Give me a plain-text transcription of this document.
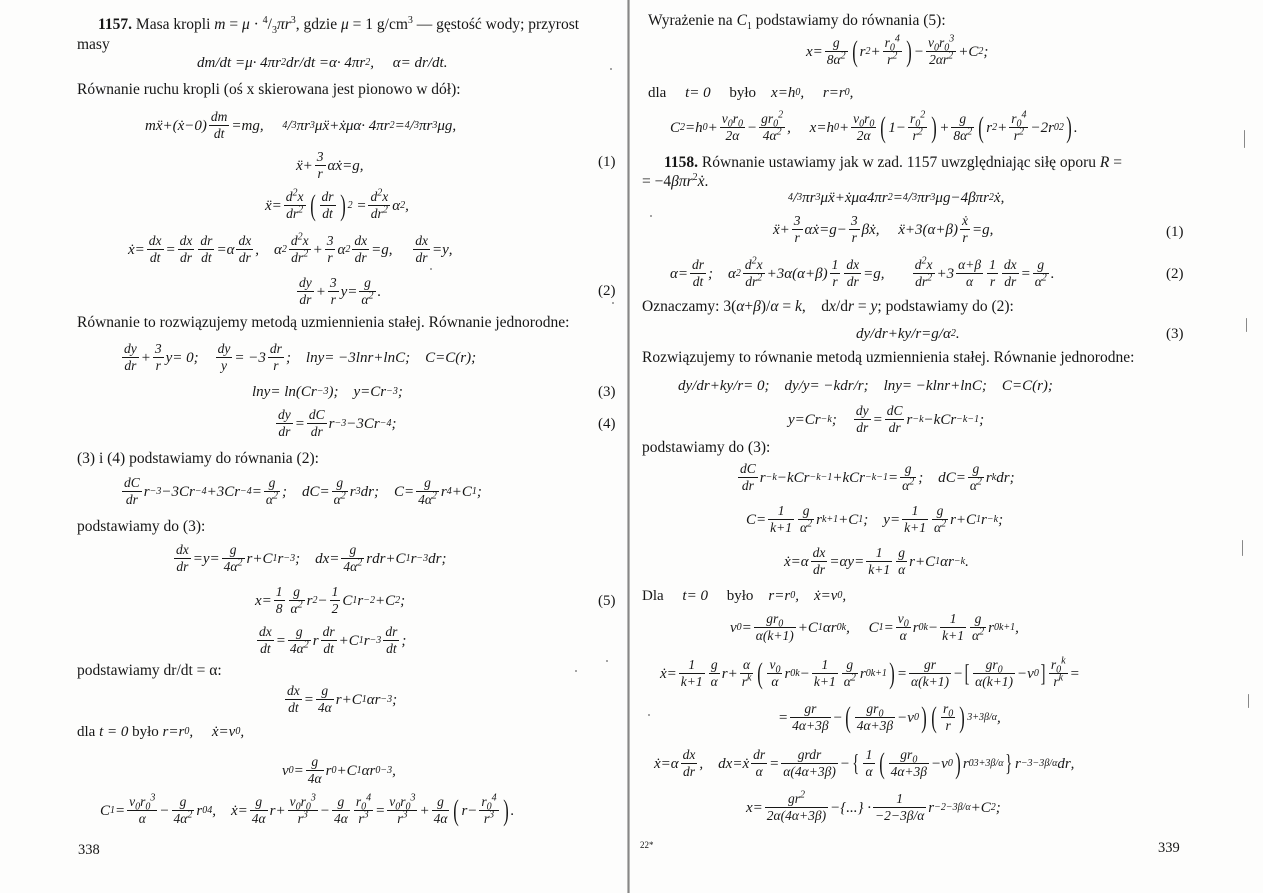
1157. Masa kropli $m = \mu \cdot ^4/_3\pi r^3$, gdzie μ = 1 $g/cm^3$ — gęstość wody; przyrost
masy
d m /d t = μ · 4 πr 2 d r /d t = α · 4 πr 2 , α = d r /d t .
Równanie ruchu kropli (oś x skierowana jest pionowo w dół):
mẍ +( ẋ −0)
dm
dt = mg , 4 / 3 πr 3 μẍ + ẋμα · 4 πr 2 = 4 / 3 πr 3 μg ,
ẍ +
3
r αẋ = g ,	(1)
ẍ =
$d^2x$
$dr^2$ ( dr
dt ) 2 =
$d^2x$
$dr^2$ α 2 ,
ẋ =
dx
dt =
dx
dr
dr
dt = α
dx
dr , α 2
$d^2x$
$dr^2$ +
3
r α 2
dx
dr = g ,
dx
dr = y ,
dy
dr +
3
r y =
g
$\alpha^2$ .	(2)
Równanie to rozwiązujemy metodą uzmiennienia stałej. Równanie jednorodne:
dy
dr +
3
r y = 0;
dy
y = −3
dr
r ;    ln y = −3ln r +ln C ; C = C ( r );
ln y = ln( Cr −3 ); y = Cr −3 ;	(3)
dy
dr =
dC
dr r −3 −3 Cr −4 ;	(4)
(3) i (4) podstawiamy do równania (2):
dC
dr r −3 −3 Cr −4 +3 Cr −4 =
g
$\alpha^2$ ;    d C =
g
$\alpha^2$ r 3 d r ; C =
g
$4\alpha^2$ r 4 + C 1 ;
podstawiamy do (3):
dx
dr = y =
g
$4\alpha^2$ r + C 1 r −3 ;    d x =
g
$4\alpha^2$ r d r + C 1 r −3 d r ;
x =
1
8
g
$\alpha^2$ r 2 −
1
2 C 1 r −2 + C 2 ;	(5)
dx
dt =
g
$4\alpha^2$ r
dr
dt + C 1 r −3
dr
dt ;
podstawiamy dr/dt = α:
dx
dt =
g
4α r + C 1 αr −3 ;
dla
t = 0 było
r = r 0 , ẋ = v 0 ,
v 0 =
g
4α r 0 + C 1 αr 0 −3 ,
C 1 =
$v_0r_0^3$
α −
g
$4\alpha^2$ r 0 4 , ẋ =
g
4α r +
$v_0r_0^3$
$r^3$ −
g
4α
$r_0^4$
$r^3$ =
$v_0r_0^3$
$r^3$ +
g
4α ( r −
$r_0^4$
$r^3$ ) .
338
Wyrażenie na $C_1$ podstawiamy do równania (5):
x =
g
$8\alpha^2$ ( r 2 +
$r_0^4$
$r^2$ ) −
$v_0r_0^3$
$2\alpha r^2 + C$ 2 ;
dla
t = 0 było
x = h 0 , r = r 0 ,
C 2 = h 0 +
$v_0r_0$
2α −
$gr_0^2$
$4\alpha^2$ , x = h 0 +
$v_0r_0$
2α ( 1−
$r_0^2$
$r^2$ ) +
g
$8\alpha^2$ ( r 2 +
$r_0^4$
$r^2 -2$ r 0 2 ) .
1158. Równanie ustawiamy jak w zad. 1157 uwzględniając siłę oporu R =
= −4βπr$^2$ẋ.
4 / 3 πr 3 μẍ + ẋμα 4 πr 2 = 4 / 3 πr 3 μg −4 βπr 2 ẋ ,
ẍ +
3
r αẋ = g −
3
r βẋ , ẍ +3( α + β )
ẋ
r = g ,	(1)
α =
dr
dt ; α 2
$d^2x$
$dr^2 +3$ α ( α + β )
1
r
dx
dr = g ,
$d^2x$
$dr^2 +3$
α+β
α
1
r
dx
dr =
g
$\alpha^2$ .	(2)
Oznaczamy: 3(α+β)/α = k,    dx/dr = y; podstawiamy do (2):
d y /d r + ky / r = g / α 2 .	(3)
Rozwiązujemy to równanie metodą uzmiennienia stałej. Równanie jednorodne:
d y /d r + ky / r = 0;    d y / y = − k d r / r ;    ln y = − k ln r +ln C ; C = C ( r );
y = Cr −k ;
dy
dr =
dC
dr r −k − kCr −k−1 ;
podstawiamy do (3):
dC
dr r −k − kCr −k−1 + kCr −k−1 =
g
$\alpha^2$ ;    d C =
g
$\alpha^2$ r k d r ;
C =
1
k+1
g
$\alpha^2$ r k+1 + C 1 ; y =
1
k+1
g
$\alpha^2$ r + C 1 r −k ;
ẋ = α
dx
dr = αy =
1
k+1
g
α r + C 1 αr −k .
Dla
t = 0 było
r = r 0 , ẋ = v 0 ,
v 0 =
$gr_0$
α(k+1) + C 1 αr 0 k , C 1 =
$v_0$
α r 0 k −
1
k+1
g
$\alpha^2$ r 0 k+1 ,
ẋ =
1
k+1
g
α r +
α
$r^k$ ( $v_0$
α r 0 k −
1
k+1
g
$\alpha^2$ r 0 k+1 ) =
gr
α(k+1) − [	$gr_0$
α(k+1) − v 0 ] $r_0^k$
$r^k$ =
=
gr
4α+3β − (	$gr_0$
4α+3β − v 0 ) ( $r_0$
r ) 3+3β/α ,
ẋ = α
dx
dr ,    d x = ẋ
dr
α =
grdr
α(4α+3β) − { 1
α (	$gr_0$
4α+3β − v 0 ) r 0 3+3β/α } r −3−3β/α d r ,
x =
$gr^2$
2α(4α+3β) −{...} ·
1
−2−3β/α r −2−3β/α + C 2 ;
22*	339
